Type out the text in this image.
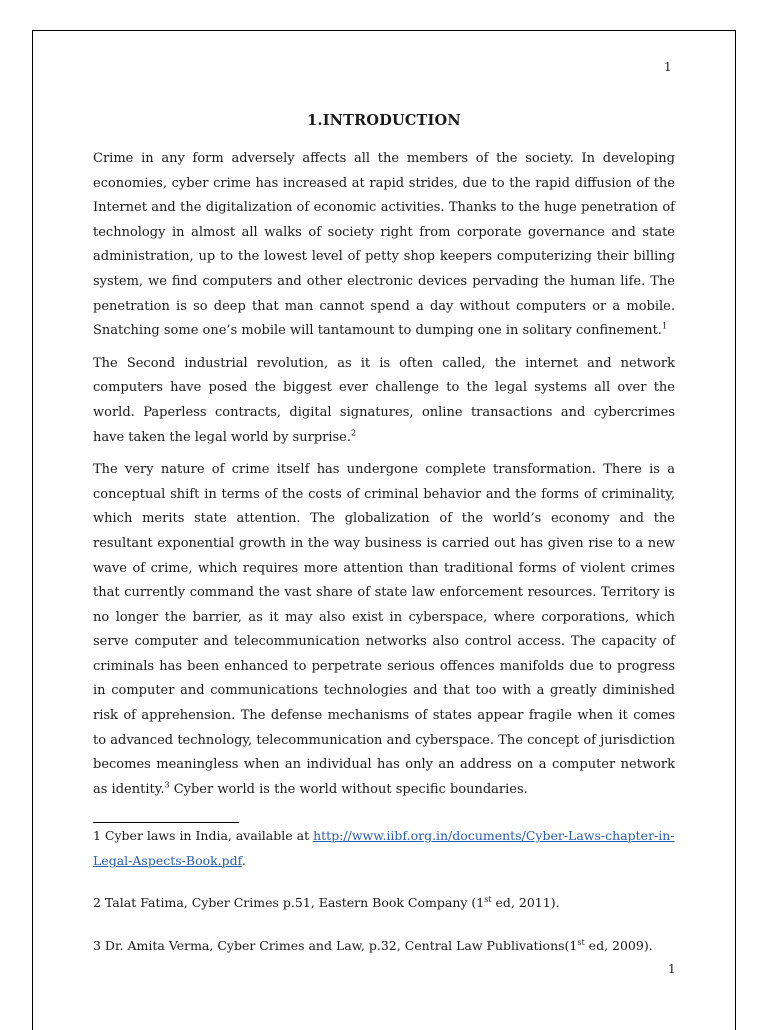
1
1.INTRODUCTION

Crime in any form adversely affects all the members of the society. In developing economies, cyber crime has increased at rapid strides, due to the rapid diffusion of the Internet and the digitalization of economic activities. Thanks to the huge penetration of technology in almost all walks of society right from corporate governance and state administration, up to the lowest level of petty shop keepers computerizing their billing system, we find computers and other electronic devices pervading the human life. The penetration is so deep that man cannot spend a day without computers or a mobile. Snatching some one’s mobile will tantamount to dumping one in solitary confinement.$^1$

The Second industrial revolution, as it is often called, the internet and network computers have posed the biggest ever challenge to the legal systems all over the world. Paperless contracts, digital signatures, online transactions and cybercrimes have taken the legal world by surprise.$^2$

The very nature of crime itself has undergone complete transformation. There is a conceptual shift in terms of the costs of criminal behavior and the forms of criminality, which merits state attention. The globalization of the world’s economy and the resultant exponential growth in the way business is carried out has given rise to a new wave of crime, which requires more attention than traditional forms of violent crimes that currently command the vast share of state law enforcement resources. Territory is no longer the barrier, as it may also exist in cyberspace, where corporations, which serve computer and telecommunication networks also control access. The capacity of criminals has been enhanced to perpetrate serious offences manifolds due to progress in computer and communications technologies and that too with a greatly diminished risk of apprehension. The defense mechanisms of states appear fragile when it comes to advanced technology, telecommunication and cyberspace. The concept of jurisdiction becomes meaningless when an individual has only an address on a computer network as identity.$^3$ Cyber world is the world without specific boundaries.

1 Cyber laws in India, available at http://www.iibf.org.in/documents/Cyber-Laws-chapter-in-Legal-Aspects-Book.pdf.
2 Talat Fatima, Cyber Crimes p.51, Eastern Book Company (1st ed, 2011).
3 Dr. Amita Verma, Cyber Crimes and Law, p.32, Central Law Publivations(1st ed, 2009).
1
